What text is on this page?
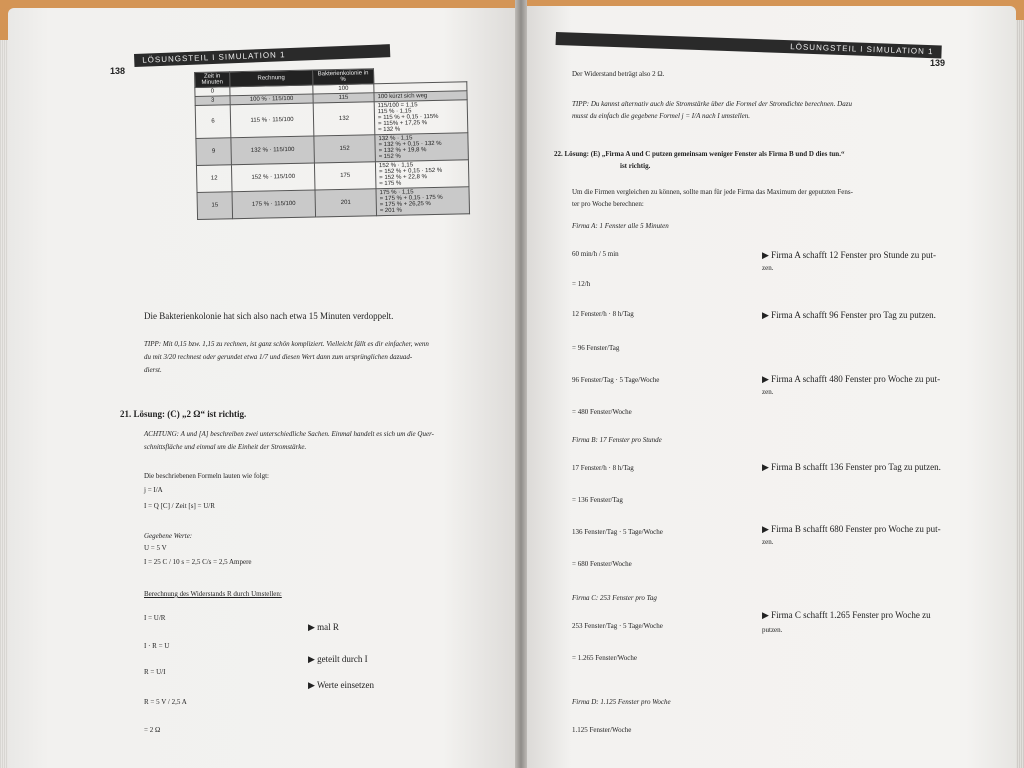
138
LÖSUNGSTEIL I SIMULATION 1
Zeit in Minuten	Rechnung	Bakterienkolonie in %	
0		100	
3	100 % · 115/100	115	100 kürzt sich weg
6	115 % · 115/100	132	115/100 = 1,15
115 % · 1,15
= 115 % + 0,15 · 115%
= 115% + 17,25 %
≈ 132 %
9	132 % · 115/100	152	132 % · 1,15
= 132 % + 0,15 · 132 %
= 132 % + 19,8 %
≈ 152 %
12	152 % · 115/100	175	152 % · 1,15
= 152 % + 0,15 · 152 %
= 152 % + 22,8 %
≈ 175 %
15	175 % · 115/100	201	175 % · 1,15
= 175 % + 0,15 · 175 %
= 175 % + 26,25 %
≈ 201 %
Die Bakterienkolonie hat sich also nach etwa 15 Minuten verdoppelt.
TIPP: Mit 0,15 bzw. 1,15 zu rechnen, ist ganz schön kompliziert. Vielleicht fällt es dir einfacher, wenn
du mit 3/20 rechnest oder gerundet etwa 1/7 und diesen Wert dann zum ursprünglichen dazuad-
dierst.
21. Lösung: (C) „2 Ω“ ist richtig.
ACHTUNG: A und [A] beschreiben zwei unterschiedliche Sachen. Einmal handelt es sich um die Quer-
schnittsfläche und einmal um die Einheit der Stromstärke.
Die beschriebenen Formeln lauten wie folgt:
j = I/A
I = Q [C] / Zeit [s] = U/R
Gegebene Werte:
U = 5 V
I = 25 C / 10 s = 2,5 C/s = 2,5 Ampere
Berechnung des Widerstands R durch Umstellen:
I = U/R
I · R = U
R = U/I
R = 5 V / 2,5 A
= 2 Ω
▶ mal R
▶ geteilt durch I
▶ Werte einsetzen
LÖSUNGSTEIL I SIMULATION 1
139
Der Widerstand beträgt also 2 Ω.
TIPP: Du kannst alternativ auch die Stromstärke über die Formel der Stromdichte berechnen. Dazu
musst du einfach die gegebene Formel j = I/A nach I umstellen.
22. Lösung: (E) „Firma A und C putzen gemeinsam weniger Fenster als Firma B und D dies tun.“
ist richtig.
Um die Firmen vergleichen zu können, sollte man für jede Firma das Maximum der geputzten Fens-
ter pro Woche berechnen:
Firma A: 1 Fenster alle 5 Minuten
60 min/h / 5 min
= 12/h
12 Fenster/h · 8 h/Tag
= 96 Fenster/Tag
96 Fenster/Tag · 5 Tage/Woche
= 480 Fenster/Woche
▶ Firma A schafft 12 Fenster pro Stunde zu put-
zen.
▶ Firma A schafft 96 Fenster pro Tag zu putzen.
▶ Firma A schafft 480 Fenster pro Woche zu put-
zen.
Firma B: 17 Fenster pro Stunde
17 Fenster/h · 8 h/Tag
= 136 Fenster/Tag
136 Fenster/Tag · 5 Tage/Woche
= 680 Fenster/Woche
▶ Firma B schafft 136 Fenster pro Tag zu putzen.
▶ Firma B schafft 680 Fenster pro Woche zu put-
zen.
Firma C: 253 Fenster pro Tag
253 Fenster/Tag · 5 Tage/Woche
= 1.265 Fenster/Woche
▶ Firma C schafft 1.265 Fenster pro Woche zu
putzen.
Firma D: 1.125 Fenster pro Woche
1.125 Fenster/Woche
